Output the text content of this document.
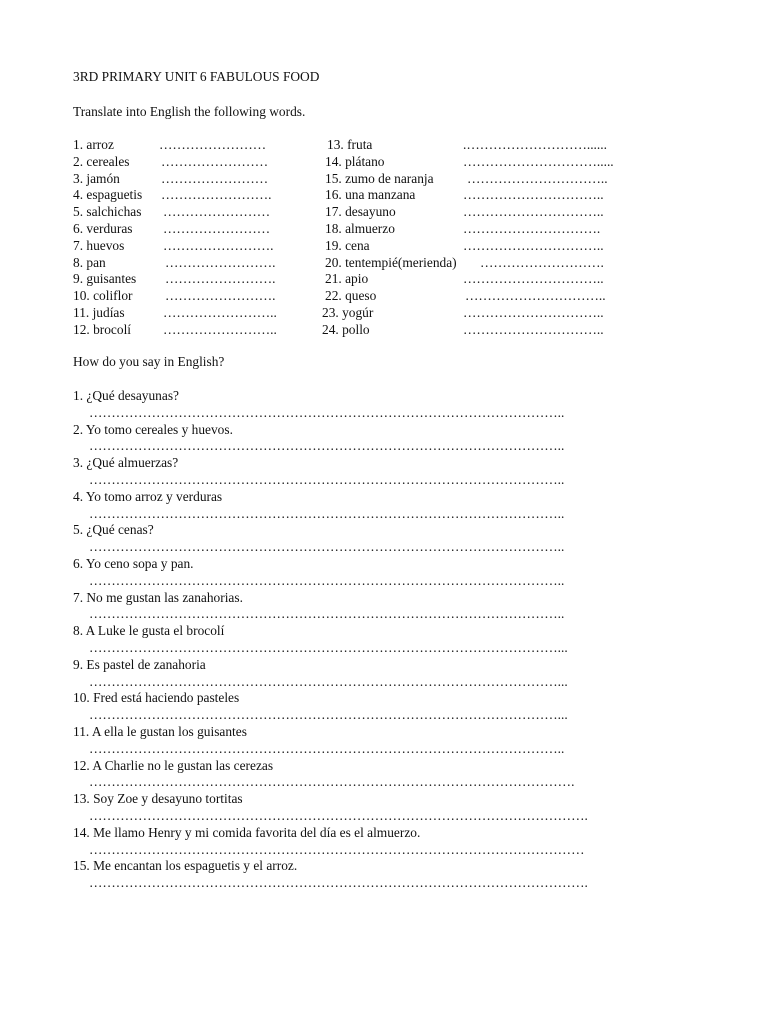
3RD PRIMARY UNIT 6 FABULOUS FOOD
Translate into English the following words.
1. arroz	……………………	13. fruta	.………………………......
2. cereales ……………………	14. plátano	………………………….....
3. jamón	……………………	15. zumo de naranja …………………………..
4. espaguetis …………………….	16. una manzana	…………………………..
5. salchichas ……………………	17. desayuno	…………………………..
6. verduras ……………………	18. almuerzo	………………………….
7. huevos	…………………….	19. cena	…………………………..
8. pan	…………………….	20. tentempié(merienda) ……………………….
9. guisantes …………………….	21. apio	…………………………..
10. coliflor …………………….	22. queso	…………………………..
11. judías	……………………..	23. yogúr	…………………………..
12. brocolí ……………………..	24. pollo	…………………………..
How do you say in English?
1. ¿Qué desayunas?
……………………………………………………………………………………………..
2. Yo tomo cereales y huevos.
……………………………………………………………………………………………..
3. ¿Qué almuerzas?
……………………………………………………………………………………………..
4. Yo tomo arroz y verduras
……………………………………………………………………………………………..
5. ¿Qué cenas?
……………………………………………………………………………………………..
6. Yo ceno sopa y pan.
……………………………………………………………………………………………..
7. No me gustan las zanahorias.
……………………………………………………………………………………………..
8. A Luke le gusta el brocolí
……………………………………………………………………………………………...
9. Es pastel de zanahoria
……………………………………………………………………………………………...
10. Fred está haciendo pasteles
……………………………………………………………………………………………...
11. A ella le gustan los guisantes
……………………………………………………………………………………………..
12. A Charlie no le gustan las cerezas
……………………………………………………………………………………………….
13. Soy Zoe y desayuno tortitas
………………………………………………………………………………………………….
14. Me llamo Henry y mi comida favorita del día es el almuerzo.
…………………………………………………………………………………………………
15. Me encantan los espaguetis y el arroz.
………………………………………………………………………………………………….
